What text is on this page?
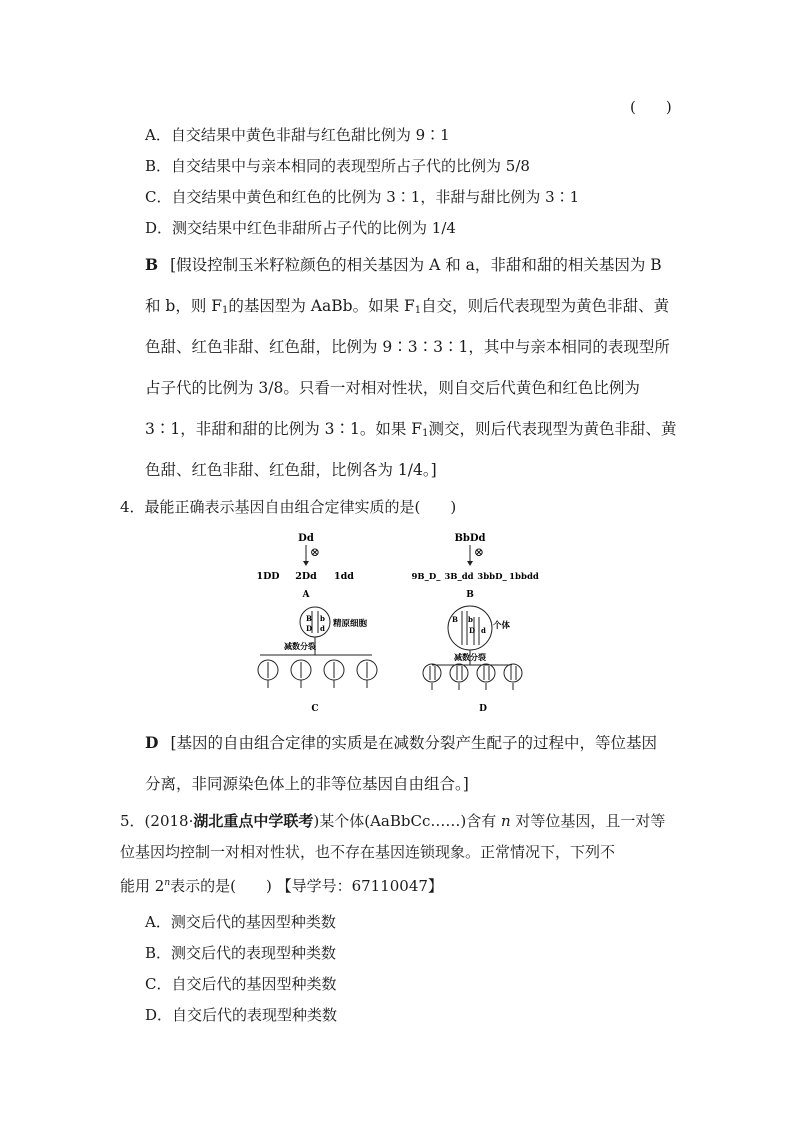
(　　)
A．自交结果中黄色非甜与红色甜比例为 9∶1
B．自交结果中与亲本相同的表现型所占子代的比例为 5/8
C．自交结果中黄色和红色的比例为 3∶1，非甜与甜比例为 3∶1
D．测交结果中红色非甜所占子代的比例为 1/4
B [假设控制玉米籽粒颜色的相关基因为 A 和 a，非甜和甜的相关基因为 B
和 b，则 $F_1$的基因型为 AaBb。如果 $F_1$自交，则后代表现型为黄色非甜、黄
色甜、红色非甜、红色甜，比例为 9∶3∶3∶1，其中与亲本相同的表现型所
占子代的比例为 3/8。只看一对相对性状，则自交后代黄色和红色比例为
3∶1，非甜和甜的比例为 3∶1。如果 $F_1$测交，则后代表现型为黄色非甜、黄
色甜、红色非甜、红色甜，比例各为 1/4。]
4．最能正确表示基因自由组合定律实质的是(　　)
Dd
⊗
1DD 2Dd 1dd
A
BbDd
⊗
9B_D_ 3B_dd 3bbD_ 1bbdd
B
B b
D d 精原细胞
减数分裂
C
B b
D d 个体
减数分裂
D
D [基因的自由组合定律的实质是在减数分裂产生配子的过程中，等位基因
分离，非同源染色体上的非等位基因自由组合。]
5．(2018·湖北重点中学联考)某个体(AaBbCc……)含有 n 对等位基因，且一对等
位基因均控制一对相对性状，也不存在基因连锁现象。正常情况下，下列不
能用 2$^n$表示的是(　　) 【导学号：67110047】
A．测交后代的基因型种类数
B．测交后代的表现型种类数
C．自交后代的基因型种类数
D．自交后代的表现型种类数
